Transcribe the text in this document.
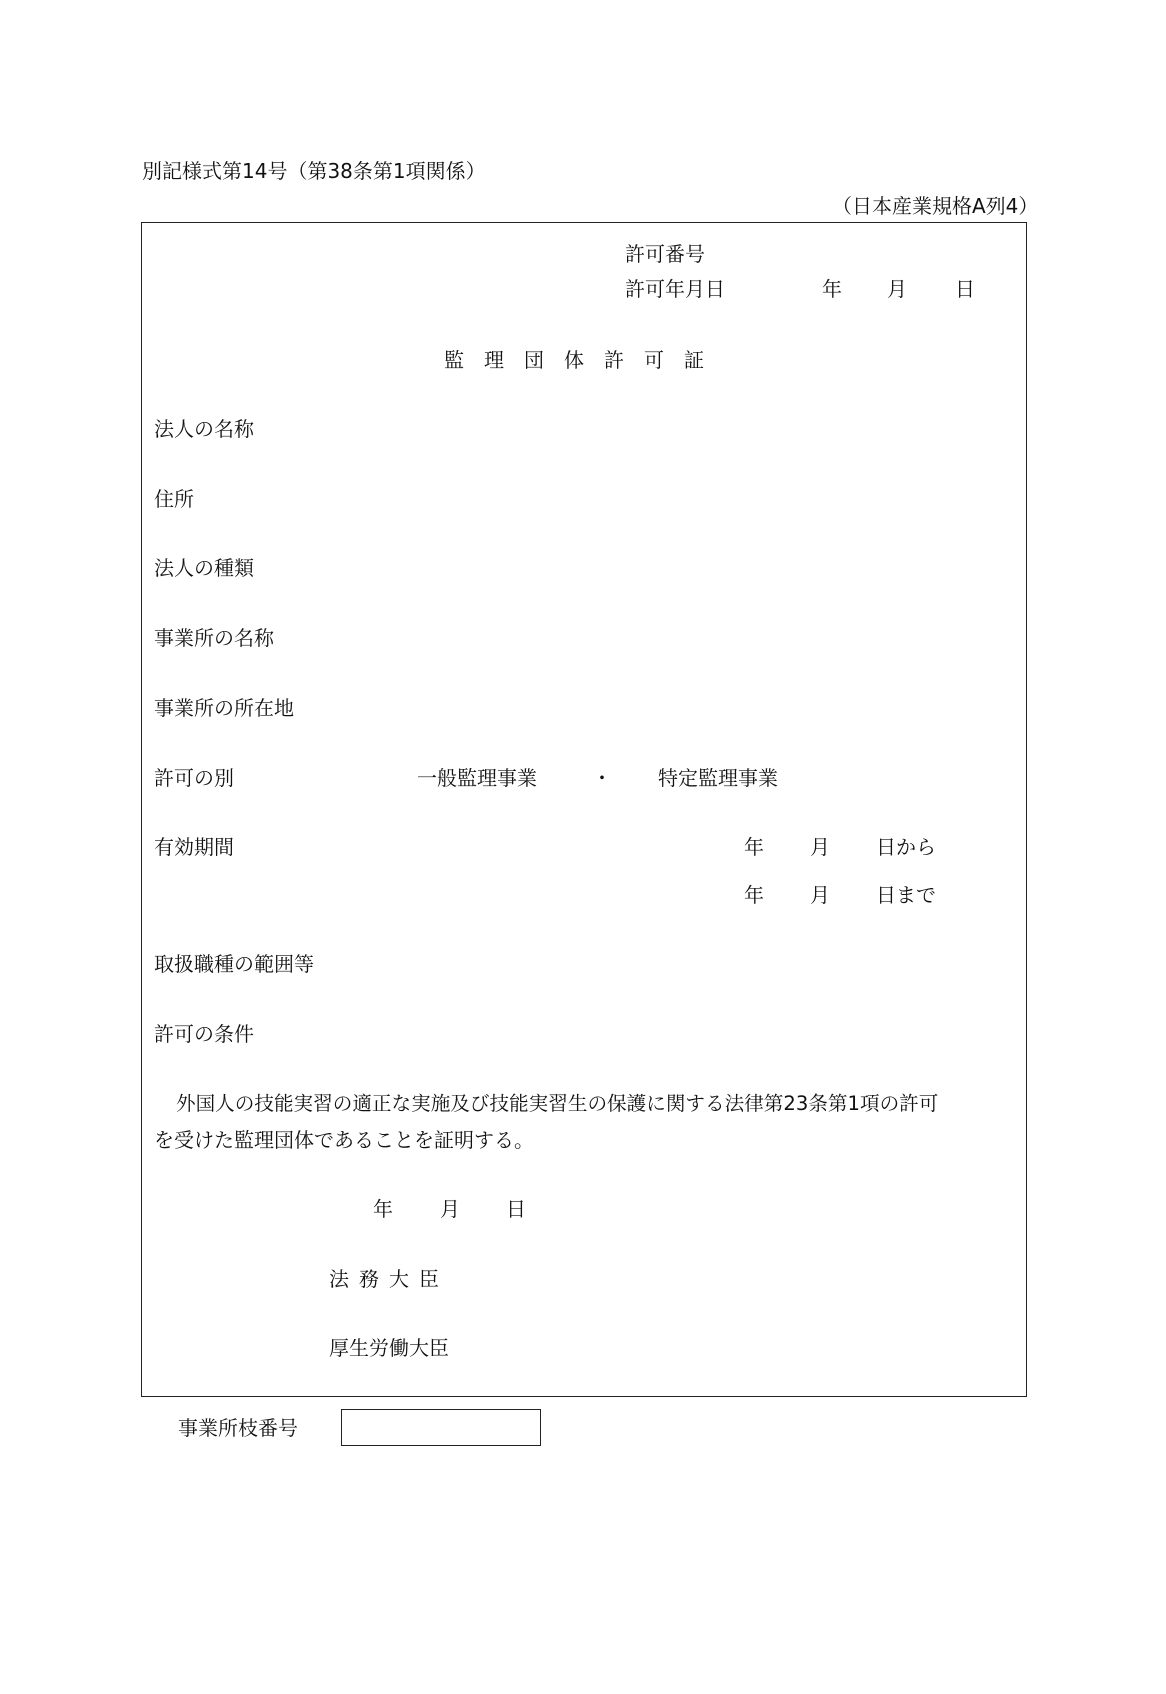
別記様式第14号（第38条第1項関係）
（日本産業規格A列4）
許可番号
許可年月日	年 月 日
監理団体許可証
法人の名称
住所
法人の種類
事業所の名称
事業所の所在地
許可の別	一般監理事業	・ 特定監理事業
有効期間	年 月 日から
年 月 日まで
取扱職種の範囲等
許可の条件
外国人の技能実習の適正な実施及び技能実習生の保護に関する法律第23条第1項の許可
を受けた監理団体であることを証明する。
年 月 日
法務大臣
厚生労働大臣
事業所枝番号
